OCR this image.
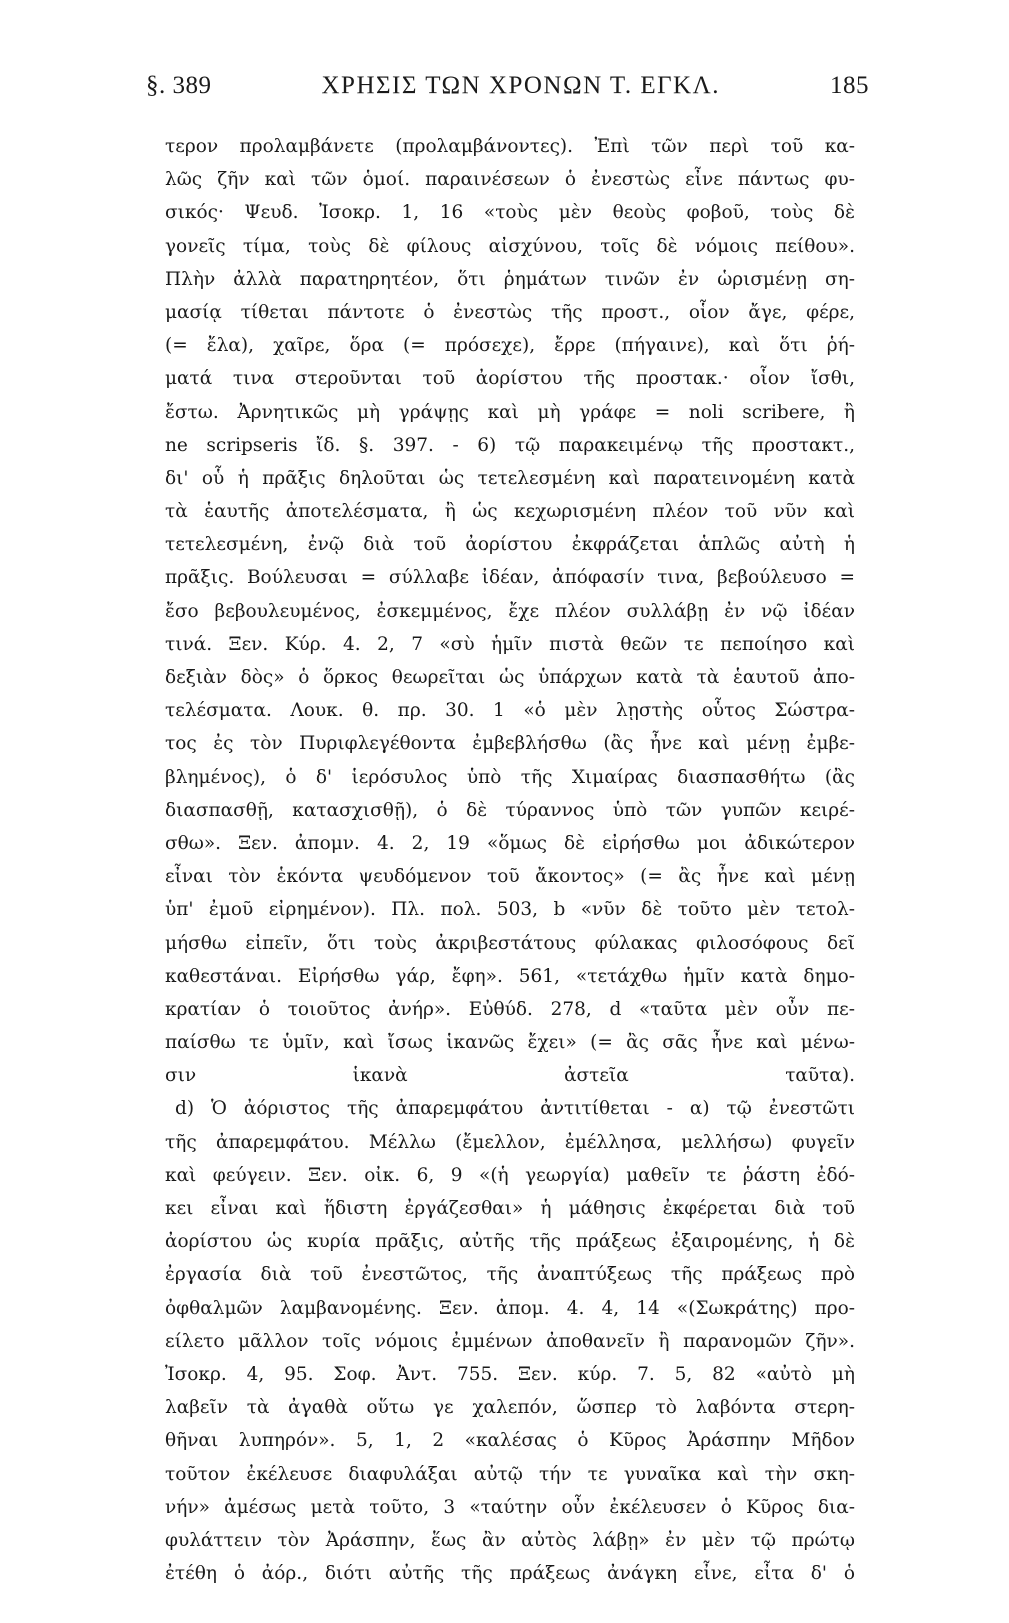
§. 389	ΧΡΗΣΙΣ ΤΩΝ ΧΡΟΝΩΝ Τ. ΕΓΚΛ.	185
τερον προλαμβάνετε (προλαμβάνοντες). Ἐπὶ τῶν περὶ τοῦ κα-
λῶς ζῆν καὶ τῶν ὁμοί. παραινέσεων ὁ ἐνεστὼς εἶνε πάντως φυ-
σικός· Ψευδ. Ἰσοκρ. 1, 16 «τοὺς μὲν θεοὺς φοβοῦ, τοὺς δὲ
γονεῖς τίμα, τοὺς δὲ φίλους αἰσχύνου, τοῖς δὲ νόμοις πείθου».
Πλὴν ἀλλὰ παρατηρητέον, ὅτι ῥημάτων τινῶν ἐν ὡρισμένῃ ση-
μασίᾳ τίθεται πάντοτε ὁ ἐνεστὼς τῆς προστ., οἷον ἄγε, φέρε,
(= ἔλα), χαῖρε, ὅρα (= πρόσεχε), ἔρρε (πήγαινε), καὶ ὅτι ῥή-
ματά τινα στεροῦνται τοῦ ἀορίστου τῆς προστακ.· οἷον ἴσθι,
ἔστω. Ἀρνητικῶς μὴ γράψῃς καὶ μὴ γράφε = noli scribere, ἢ
ne scripseris ἴδ. §. 397. - 6) τῷ παρακειμένῳ τῆς προστακτ.,
δι' οὗ ἡ πρᾶξις δηλοῦται ὡς τετελεσμένη καὶ παρατεινομένη κατὰ
τὰ ἑαυτῆς ἀποτελέσματα, ἢ ὡς κεχωρισμένη πλέον τοῦ νῦν καὶ
τετελεσμένη, ἐνῷ διὰ τοῦ ἀορίστου ἐκφράζεται ἁπλῶς αὐτὴ ἡ
πρᾶξις. Βούλευσαι = σύλλαβε ἰδέαν, ἀπόφασίν τινα, βεβούλευσο =
ἔσο βεβουλευμένος, ἐσκεμμένος, ἔχε πλέον συλλάβῃ ἐν νῷ ἰδέαν
τινά. Ξεν. Κύρ. 4. 2, 7 «σὺ ἡμῖν πιστὰ θεῶν τε πεποίησο καὶ
δεξιὰν δὸς» ὁ ὅρκος θεωρεῖται ὡς ὑπάρχων κατὰ τὰ ἑαυτοῦ ἀπο-
τελέσματα. Λουκ. θ. πρ. 30. 1 «ὁ μὲν λῃστὴς οὗτος Σώστρα-
τος ἐς τὸν Πυριφλεγέθοντα ἐμβεβλήσθω (ἂς ἦνε καὶ μένῃ ἐμβε-
βλημένος), ὁ δ' ἱερόσυλος ὑπὸ τῆς Χιμαίρας διασπασθήτω (ἂς
διασπασθῇ, κατασχισθῇ), ὁ δὲ τύραννος ὑπὸ τῶν γυπῶν κειρέ-
σθω». Ξεν. ἀπομν. 4. 2, 19 «ὅμως δὲ εἰρήσθω μοι ἀδικώτερον
εἶναι τὸν ἑκόντα ψευδόμενον τοῦ ἄκοντος» (= ἂς ἦνε καὶ μένῃ
ὑπ' ἐμοῦ εἰρημένον). Πλ. πολ. 503, b «νῦν δὲ τοῦτο μὲν τετολ-
μήσθω εἰπεῖν, ὅτι τοὺς ἀκριβεστάτους φύλακας φιλοσόφους δεῖ
καθεστάναι. Εἰρήσθω γάρ, ἔφη». 561, «τετάχθω ἡμῖν κατὰ δημο-
κρατίαν ὁ τοιοῦτος ἀνήρ». Εὐθύδ. 278, d «ταῦτα μὲν οὖν πε-
παίσθω τε ὑμῖν, καὶ ἴσως ἱκανῶς ἔχει» (= ἂς σᾶς ἦνε καὶ μένω-
σιν ἱκανὰ ἀστεῖα ταῦτα).
d) Ὁ ἀόριστος τῆς ἀπαρεμφάτου ἀντιτίθεται - α) τῷ ἐνεστῶτι
τῆς ἀπαρεμφάτου. Μέλλω (ἔμελλον, ἐμέλλησα, μελλήσω) φυγεῖν
καὶ φεύγειν. Ξεν. οἰκ. 6, 9 «(ἡ γεωργία) μαθεῖν τε ῥάστη ἐδό-
κει εἶναι καὶ ἥδιστη ἐργάζεσθαι» ἡ μάθησις ἐκφέρεται διὰ τοῦ
ἀορίστου ὡς κυρία πρᾶξις, αὐτῆς τῆς πράξεως ἐξαιρομένης, ἡ δὲ
ἐργασία διὰ τοῦ ἐνεστῶτος, τῆς ἀναπτύξεως τῆς πράξεως πρὸ
ὀφθαλμῶν λαμβανομένης. Ξεν. ἀπομ. 4. 4, 14 «(Σωκράτης) προ-
είλετο μᾶλλον τοῖς νόμοις ἐμμένων ἀποθανεῖν ἢ παρανομῶν ζῆν».
Ἰσοκρ. 4, 95. Σοφ. Ἀντ. 755. Ξεν. κύρ. 7. 5, 82 «αὐτὸ μὴ
λαβεῖν τὰ ἀγαθὰ οὕτω γε χαλεπόν, ὥσπερ τὸ λαβόντα στερη-
θῆναι λυπηρόν». 5, 1, 2 «καλέσας ὁ Κῦρος Ἀράσπην Μῆδον
τοῦτον ἐκέλευσε διαφυλάξαι αὐτῷ τήν τε γυναῖκα καὶ τὴν σκη-
νήν» ἀμέσως μετὰ τοῦτο, 3 «ταύτην οὖν ἐκέλευσεν ὁ Κῦρος δια-
φυλάττειν τὸν Ἀράσπην, ἕως ἂν αὐτὸς λάβῃ» ἐν μὲν τῷ πρώτῳ
ἐτέθη ὁ ἀόρ., διότι αὐτῆς τῆς πράξεως ἀνάγκη εἶνε, εἶτα δ' ὁ
